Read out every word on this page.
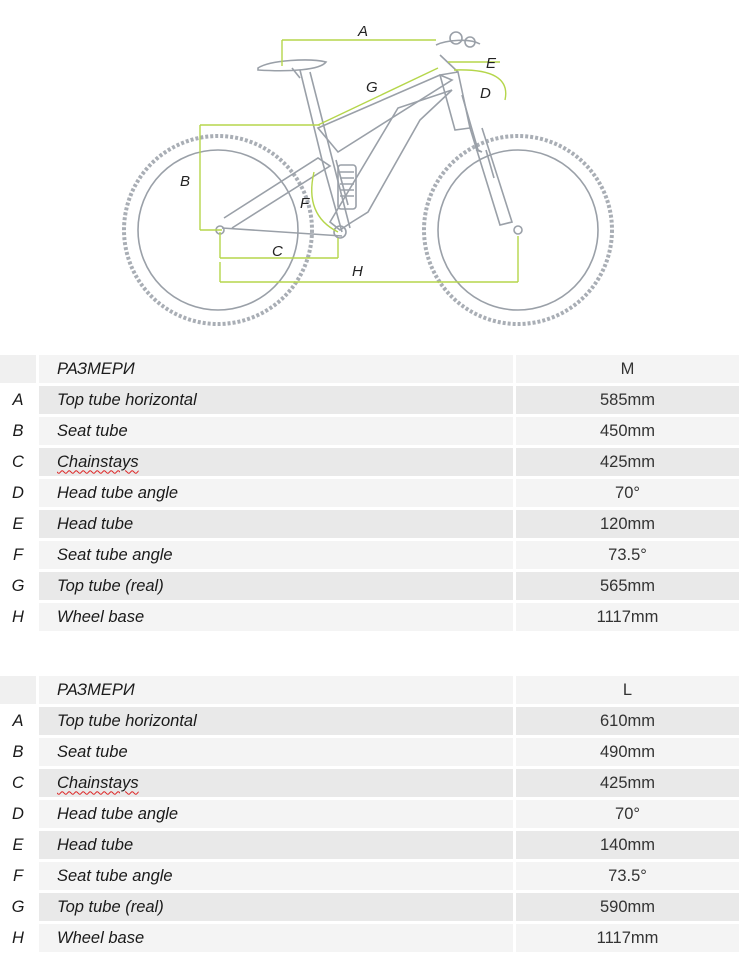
A
B
C
D
E
F
G
H
	РАЗМЕРИ	M
A	Top tube horizontal	585mm
B	Seat tube	450mm
C	Chainstays	425mm
D	Head tube angle	70°
E	Head tube	120mm
F	Seat tube angle	73.5°
G	Top tube (real)	565mm
H	Wheel base	1117mm
	РАЗМЕРИ	L
A	Top tube horizontal	610mm
B	Seat tube	490mm
C	Chainstays	425mm
D	Head tube angle	70°
E	Head tube	140mm
F	Seat tube angle	73.5°
G	Top tube (real)	590mm
H	Wheel base	1117mm
